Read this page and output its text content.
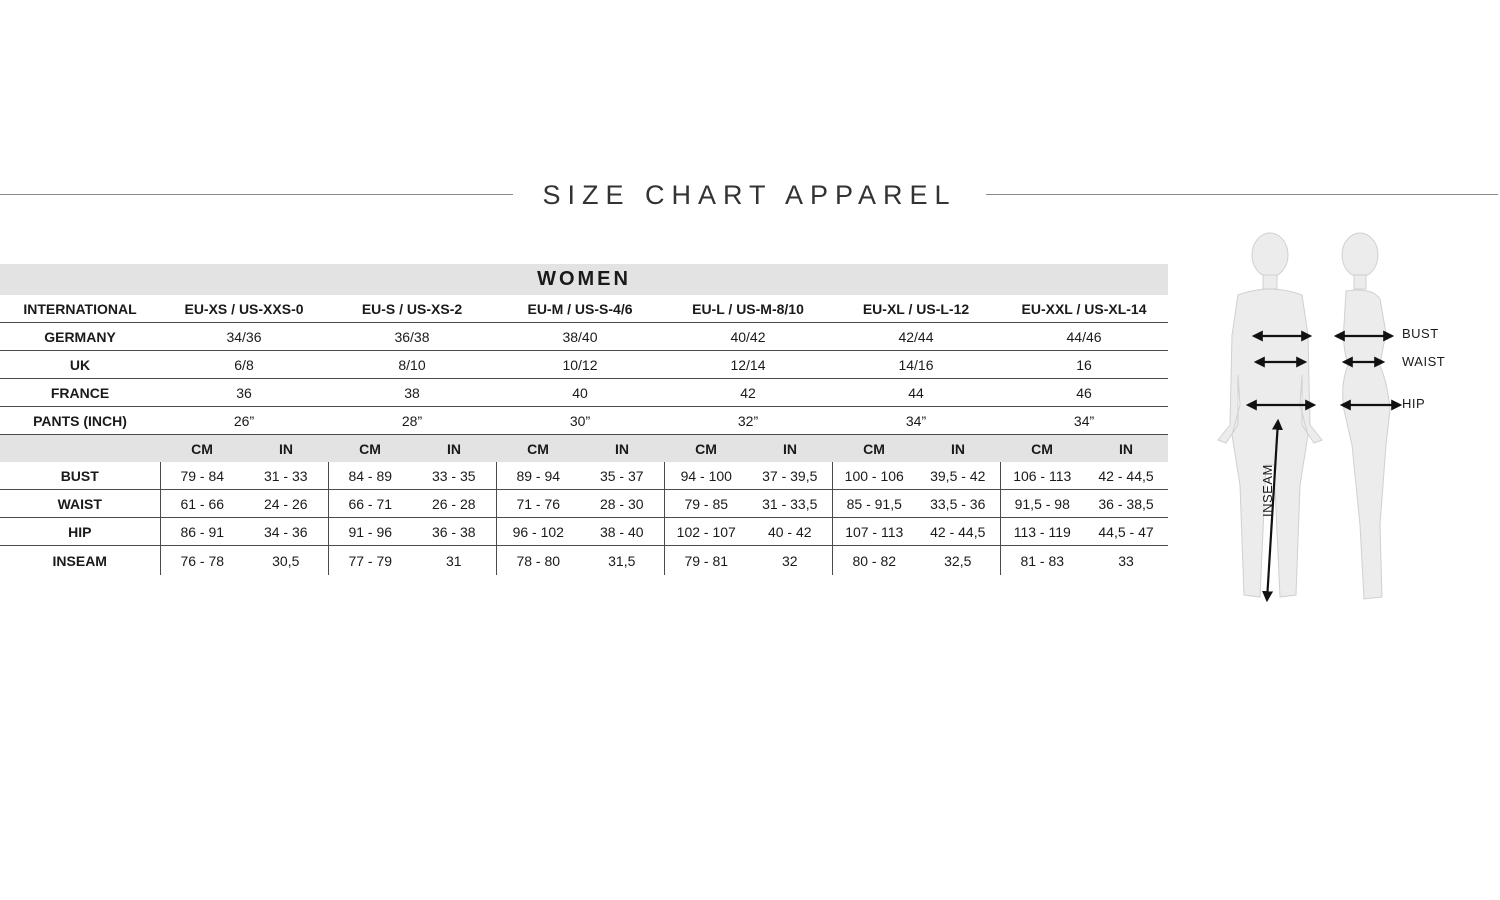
SIZE CHART APPAREL
WOMEN												
INTERNATIONAL	EU-XS / US-XXS-0		EU-S / US-XS-2		EU-M / US-S-4/6		EU-L / US-M-8/10		EU-XL / US-L-12		EU-XXL / US-XL-14	
GERMANY	34/36		36/38		38/40		40/42		42/44		44/46	
UK	6/8		8/10		10/12		12/14		14/16		16	
FRANCE	36		38		40		42		44		46	
PANTS (INCH)	26”		28”		30”		32”		34”		34”	
	CM	IN	CM	IN	CM	IN	CM	IN	CM	IN	CM	IN
BUST	79 - 84	31 - 33	84 - 89	33 - 35	89 - 94	35 - 37	94 - 100	37 - 39,5	100 - 106	39,5 - 42	106 - 113	42 - 44,5
WAIST	61 - 66	24 - 26	66 - 71	26 - 28	71 - 76	28 - 30	79 - 85	31 - 33,5	85 - 91,5	33,5 - 36	91,5 - 98	36 - 38,5
HIP	86 - 91	34 - 36	91 - 96	36 - 38	96 - 102	38 - 40	102 - 107	40 - 42	107 - 113	42 - 44,5	113 - 119	44,5 - 47
INSEAM	76 - 78	30,5	77 - 79	31	78 - 80	31,5	79 - 81	32	80 - 82	32,5	81 - 83	33
BUST
WAIST
HIP
INSEAM
